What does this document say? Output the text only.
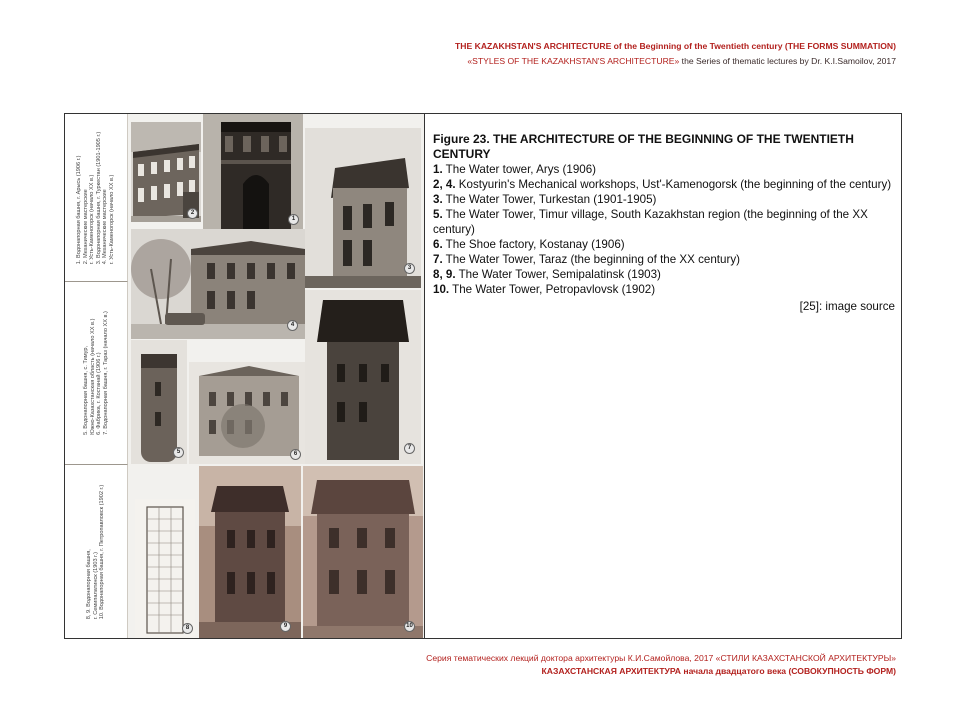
THE KAZAKHSTAN'S ARCHITECTURE of the Beginning of the Twentieth century (THE FORMS SUMMATION)
«STYLES OF THE KAZAKHSTAN'S ARCHITECTURE» the Series of thematic lectures by Dr. K.I.Samoilov, 2017
1. Водонапорная башня, г. Арысь (1906 г.) 2. Механические мастерские г. Усть-Каменогорск (начало ХХ в.) 3. Водонапорная башня, г. Туркестан (1901-1905 г.) 4. Механические мастерские г. Усть-Каменогорск (начало ХХ в.)
5. Водонапорная башня, с. Тимур, Южно-Казахстанская область (начало ХХ в.) 6. Фабрика, г. Костанай (1906 г.) 7. Водонапорная башня, г. Тараз (начало ХХ в.)
8, 9. Водонапорная башня, г. Семипалатинск (1903 г.) 10. Водонапорная башня, г. Петропавловск (1902 г.)
2
1
3
4
5	6
7
8	9	10

Figure 23. THE ARCHITECTURE OF THE BEGINNING OF THE TWENTIETH CENTURY

1. The Water tower, Arys (1906)

2, 4. Kostyurin's Mechanical workshops, Ust'-Kamenogorsk (the beginning of the century)

3. The Water Tower, Turkestan (1901-1905)

5. The Water Tower, Timur village, South Kazakhstan region (the beginning of the XX century)

6. The Shoe factory, Kostanay (1906)

7. The Water Tower, Taraz (the beginning of the XX century)

8, 9. The Water Tower, Semipalatinsk (1903)

10. The Water Tower, Petropavlovsk (1902)

[25]: image source
Серия тематических лекций доктора архитектуры К.И.Самойлова, 2017 «СТИЛИ КАЗАХСТАНСКОЙ АРХИТЕКТУРЫ»
КАЗАХСТАНСКАЯ АРХИТЕКТУРА начала двадцатого века (СОВОКУПНОСТЬ ФОРМ)
